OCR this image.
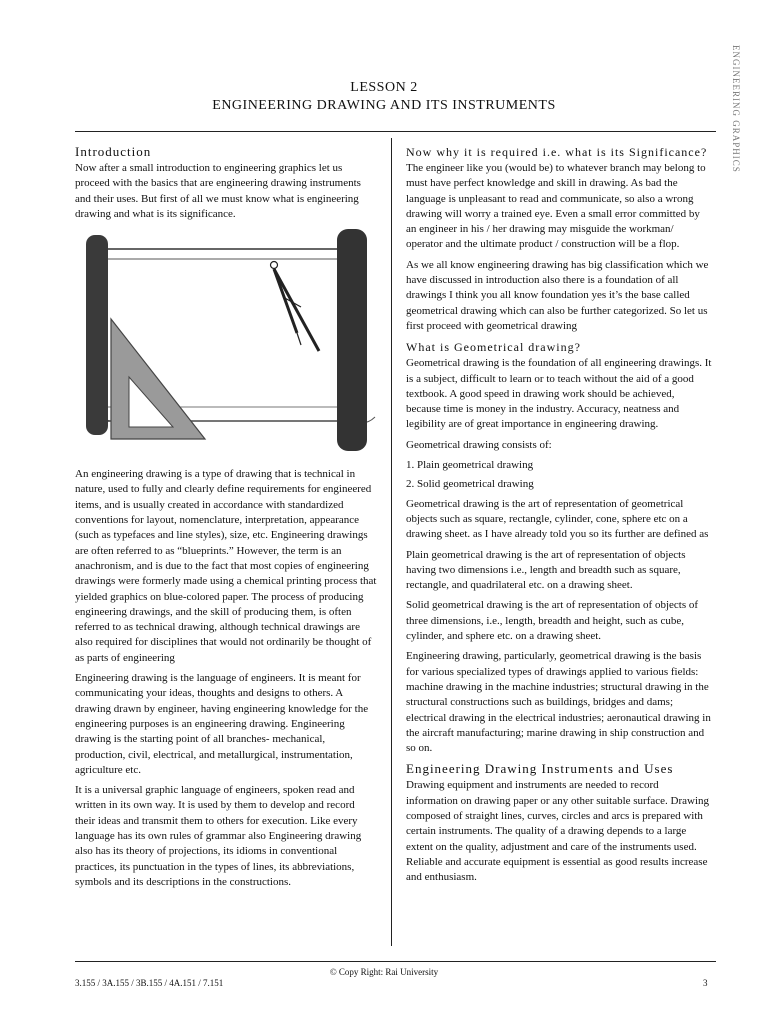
ENGINEERING GRAPHICS
LESSON 2
ENGINEERING DRAWING AND ITS INSTRUMENTS
Introduction

Now after a small introduction to engineering graphics let us proceed with the basics that are engineering drawing instruments and their uses. But first of all we must know what is engineering drawing and what is its significance.

An engineering drawing is a type of drawing that is technical in nature, used to fully and clearly define requirements for engineered items, and is usually created in accordance with standardized conventions for layout, nomenclature, interpretation, appearance (such as typefaces and line styles), size, etc. Engineering drawings are often referred to as “blueprints.” However, the term is an anachronism, and is due to the fact that most copies of engineering drawings were formerly made using a chemical printing process that yielded graphics on blue-colored paper. The process of producing engineering drawings, and the skill of producing them, is often referred to as technical drawing, although technical drawings are also required for disciplines that would not ordinarily be thought of as parts of engineering

Engineering drawing is the language of engineers. It is meant for communicating your ideas, thoughts and designs to others. A drawing drawn by engineer, having engineering knowledge for the engineering purposes is an engineering drawing. Engineering drawing is the starting point of all branches- mechanical, production, civil, electrical, and metallurgical, instrumentation, agriculture etc.

It is a universal graphic language of engineers, spoken read and written in its own way. It is used by them to develop and record their ideas and transmit them to others for execution. Like every language has its own rules of grammar also Engineering drawing also has its theory of projections, its idioms in conventional practices, its punctuation in the types of lines, its abbreviations, symbols and its descriptions in the constructions.

Now why it is required i.e. what is its Significance?

The engineer like you (would be) to whatever branch may belong to must have perfect knowledge and skill in drawing. As bad the language is unpleasant to read and communicate, so also a wrong drawing will worry a trained eye. Even a small error committed by an engineer in his / her drawing may misguide the workman/ operator and the ultimate product / construction will be a flop.

As we all know engineering drawing has big classification which we have discussed in introduction also there is a foundation of all drawings I think you all know foundation yes it’s the base called geometrical drawing which can also be further categorized. So let us first proceed with geometrical drawing

What is Geometrical drawing?

Geometrical drawing is the foundation of all engineering drawings. It is a subject, difficult to learn or to teach without the aid of a good textbook. A good speed in drawing work should be achieved, because time is money in the industry. Accuracy, neatness and legibility are of great importance in engineering drawing.

Geometrical drawing consists of:

1. Plain geometrical drawing

2. Solid geometrical drawing

Geometrical drawing is the art of representation of geometrical objects such as square, rectangle, cylinder, cone, sphere etc on a drawing sheet. as I have already told you so its further are defined as

Plain geometrical drawing is the art of representation of objects having two dimensions i.e., length and breadth such as square, rectangle, and quadrilateral etc. on a drawing sheet.

Solid geometrical drawing is the art of representation of objects of three dimensions, i.e., length, breadth and height, such as cube, cylinder, and sphere etc. on a drawing sheet.

Engineering drawing, particularly, geometrical drawing is the basis for various specialized types of drawings applied to various fields: machine drawing in the machine industries; structural drawing in the structural constructions such as buildings, bridges and dams; electrical drawing in the electrical industries; aeronautical drawing in the aircraft manufacturing; marine drawing in ship construction and so on.

Engineering Drawing Instruments and Uses

Drawing equipment and instruments are needed to record information on drawing paper or any other suitable surface. Drawing composed of straight lines, curves, circles and arcs is prepared with certain instruments. The quality of a drawing depends to a large extent on the quality, adjustment and care of the instruments used. Reliable and accurate equipment is essential as good results increase and enthusiasm.

© Copy Right: Rai University
3.155 / 3A.155 / 3B.155 / 4A.151 / 7.151	3
